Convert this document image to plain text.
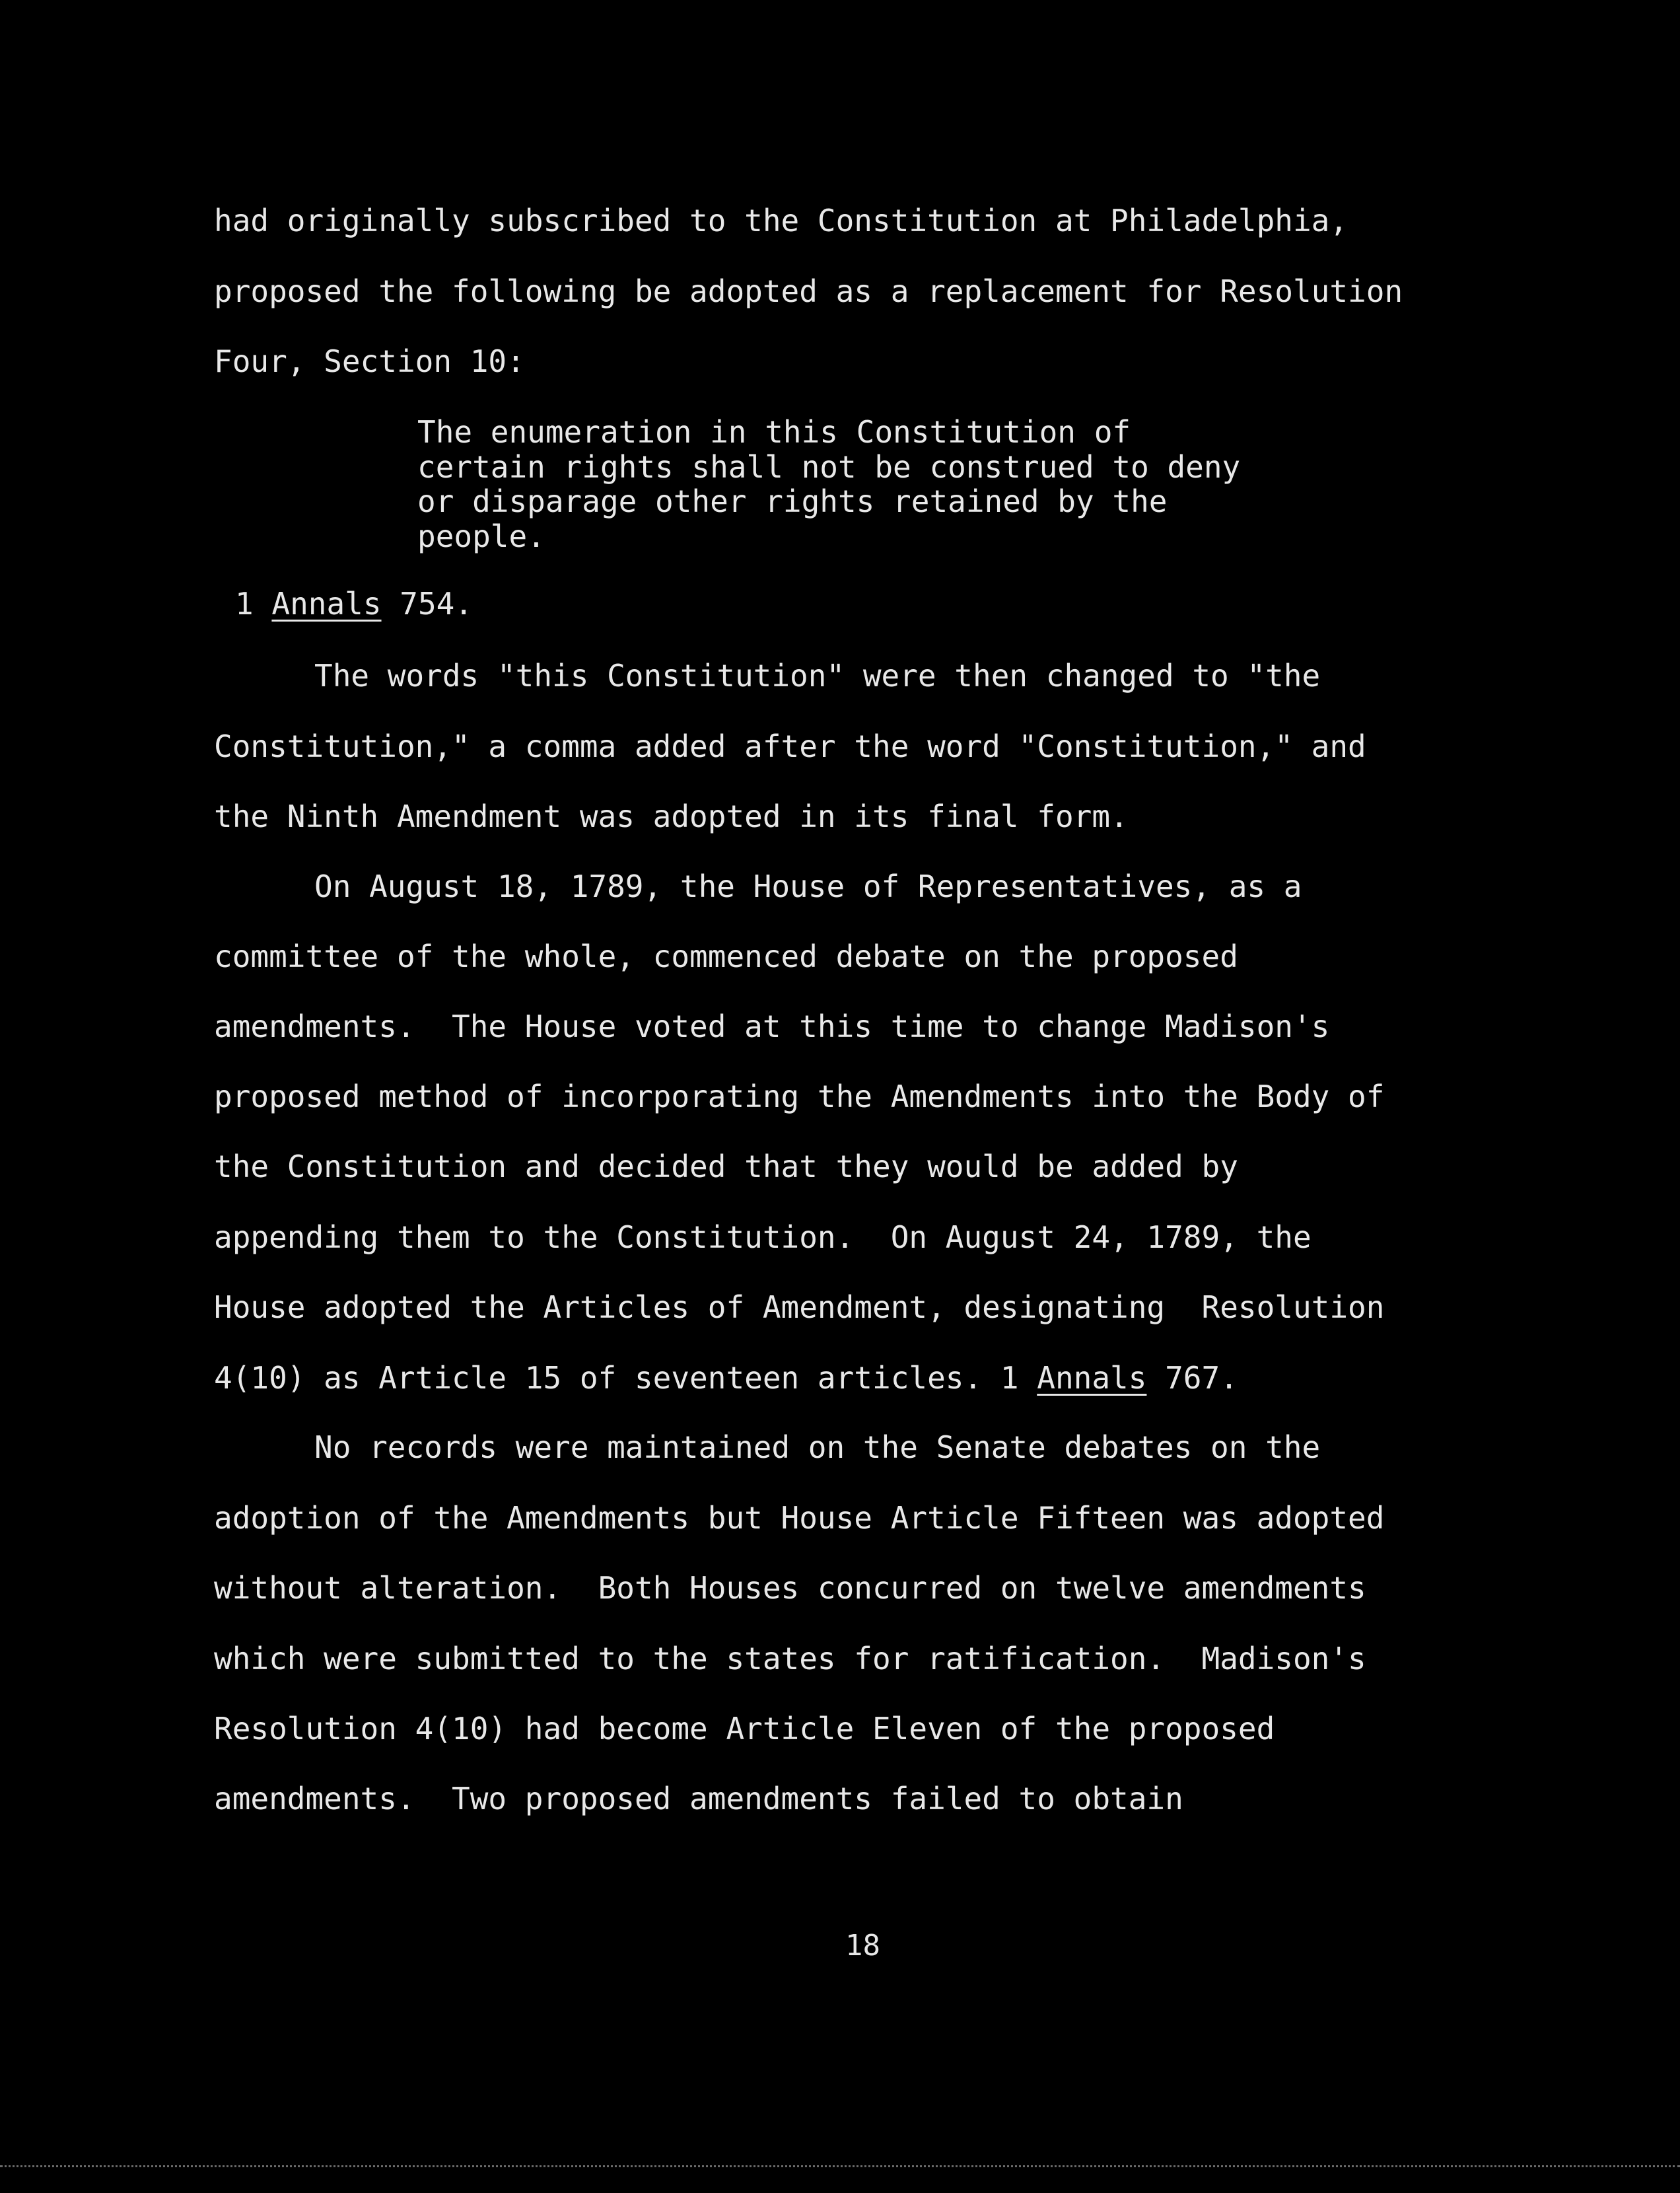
had originally subscribed to the Constitution at Philadelphia,

proposed the following be adopted as a replacement for Resolution

Four, Section 10:

The enumeration in this Constitution of

certain rights shall not be construed to deny

or disparage other rights retained by the

people.

1 Annals 754.

The words "this Constitution" were then changed to "the

Constitution," a comma added after the word "Constitution," and

the Ninth Amendment was adopted in its final form.

On August 18, 1789, the House of Representatives, as a

committee of the whole, commenced debate on the proposed

amendments.  The House voted at this time to change Madison's

proposed method of incorporating the Amendments into the Body of

the Constitution and decided that they would be added by

appending them to the Constitution.  On August 24, 1789, the

House adopted the Articles of Amendment, designating  Resolution

4(10) as Article 15 of seventeen articles. 1 Annals 767.

No records were maintained on the Senate debates on the

adoption of the Amendments but House Article Fifteen was adopted

without alteration.  Both Houses concurred on twelve amendments

which were submitted to the states for ratification.  Madison's

Resolution 4(10) had become Article Eleven of the proposed

amendments.  Two proposed amendments failed to obtain

18
